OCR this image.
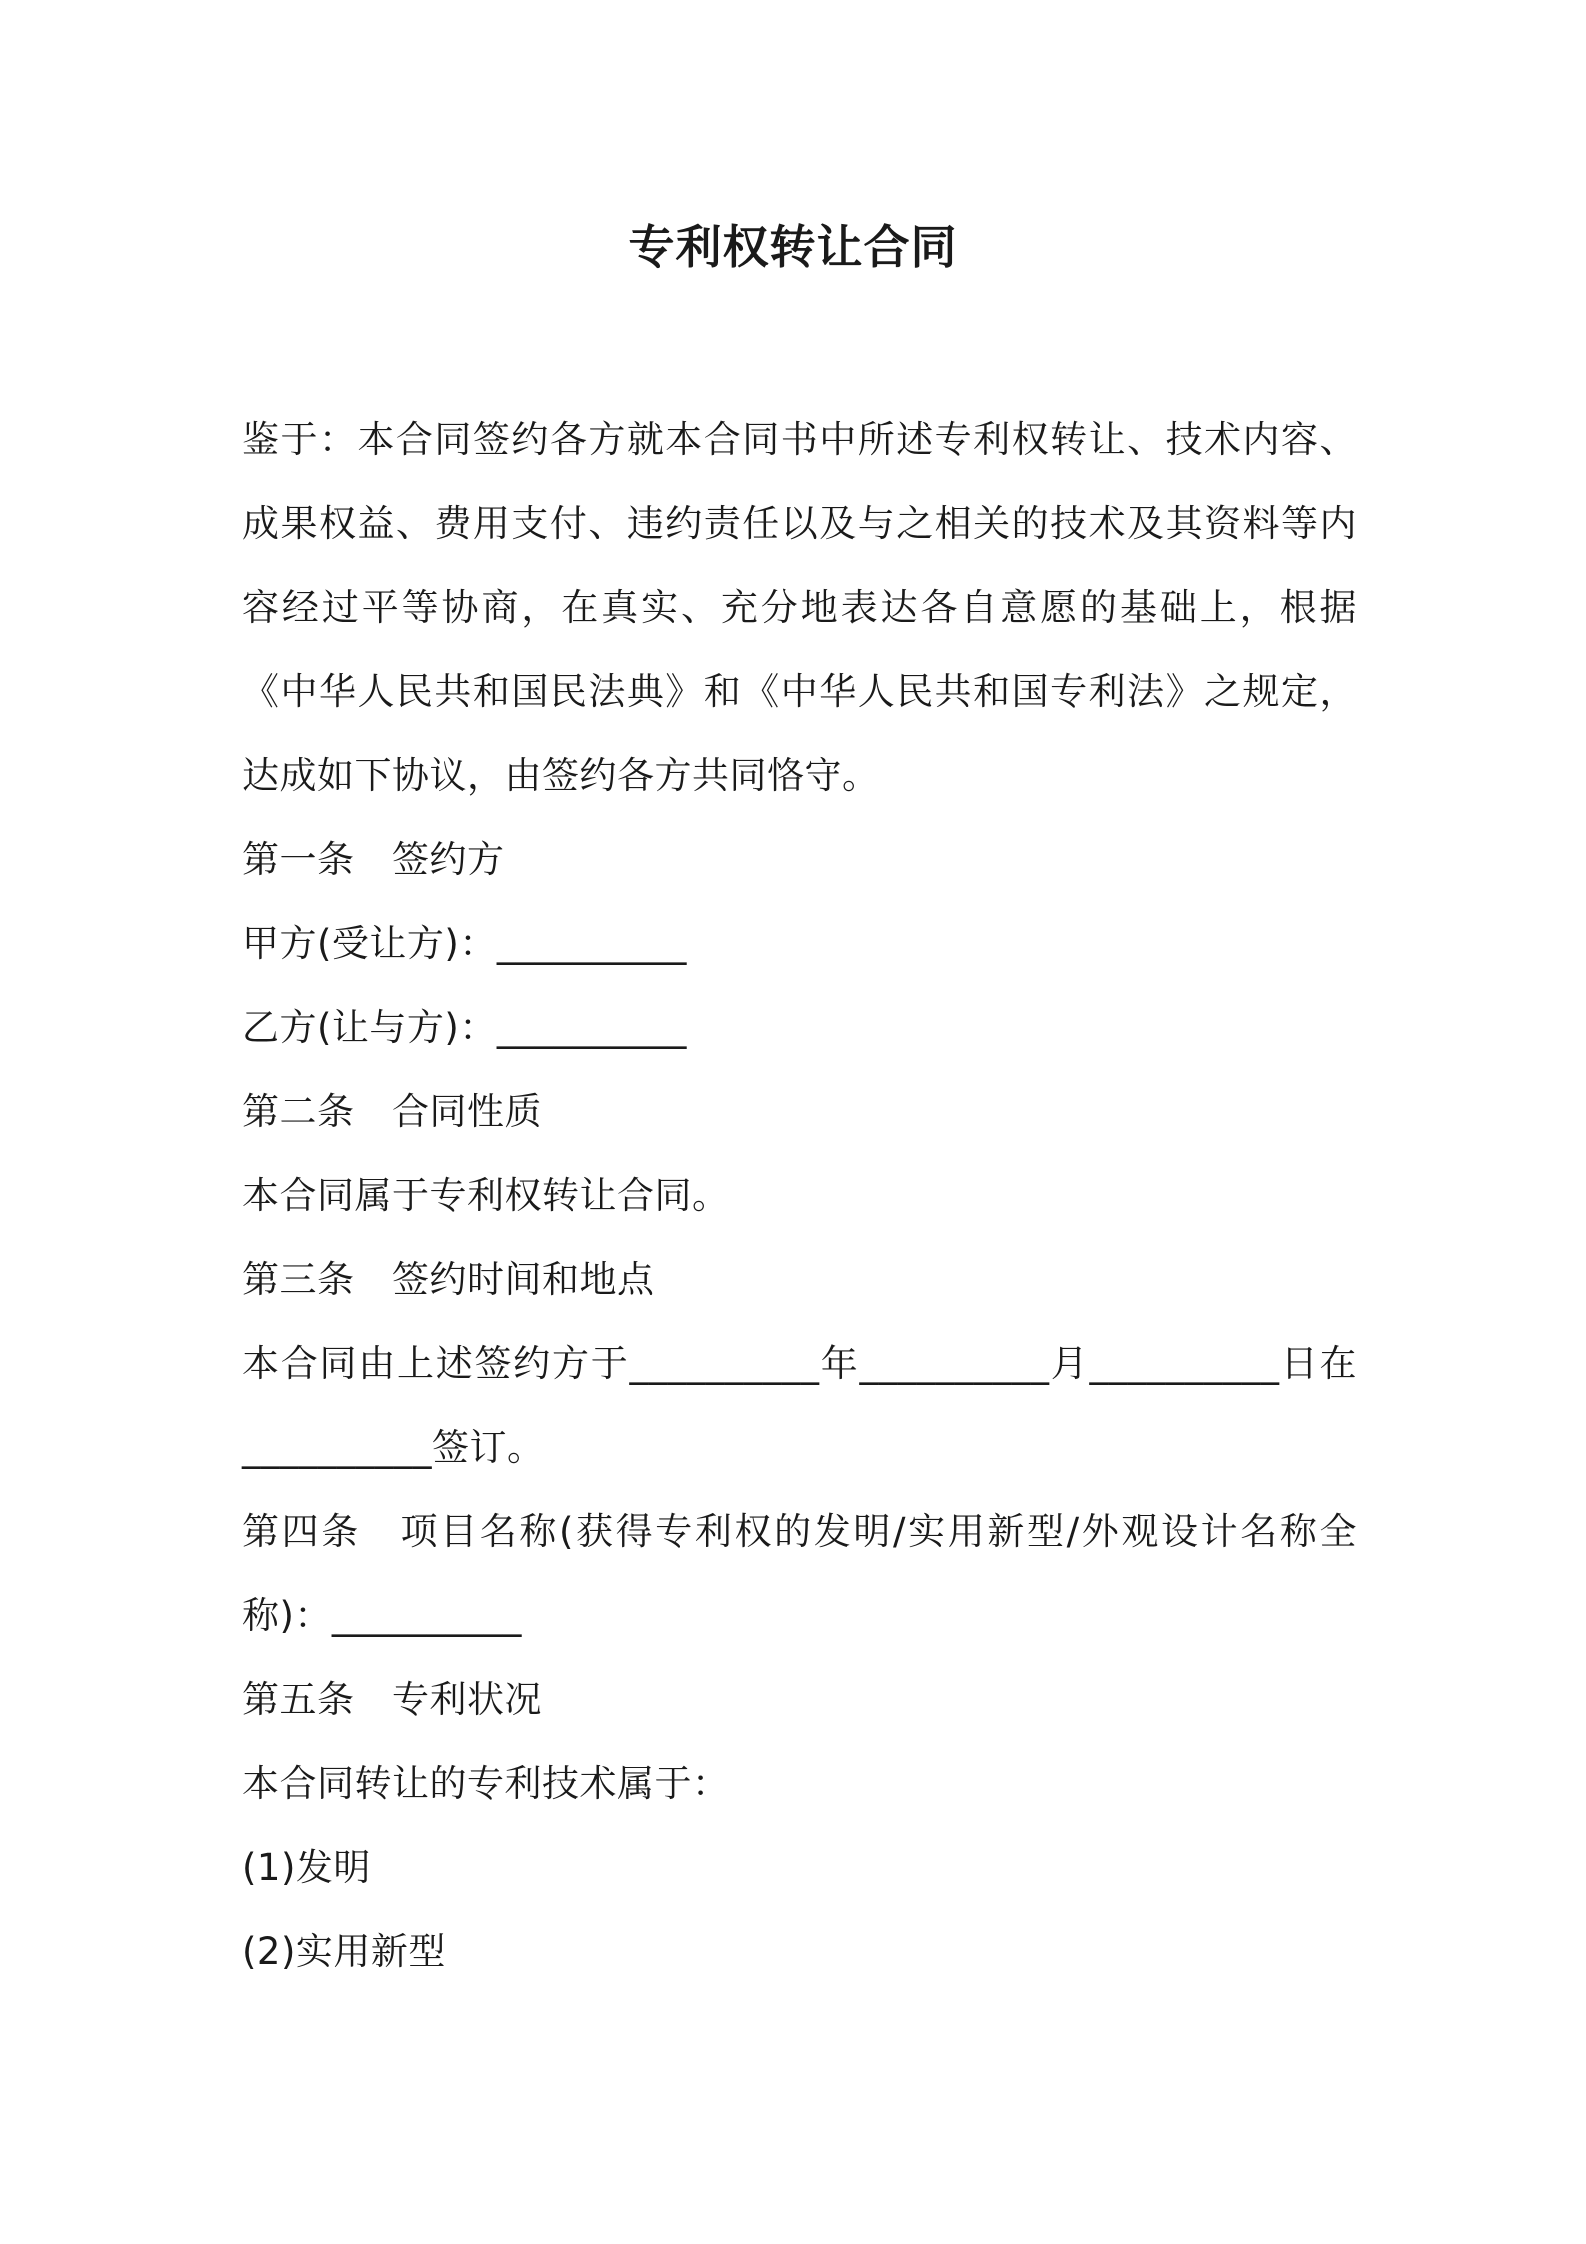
专利权转让合同

鉴于：本合同签约各方就本合同书中所述专利权转让、技术内容、成果权益、费用支付、违约责任以及与之相关的技术及其资料等内容经过平等协商，在真实、充分地表达各自意愿的基础上，根据《中华人民共和国民法典》和《中华人民共和国专利法》之规定，达成如下协议，由签约各方共同恪守。

第一条　签约方

甲方(受让方)：__________

乙方(让与方)：__________

第二条　合同性质

本合同属于专利权转让合同。

第三条　签约时间和地点

本合同由上述签约方于__________年__________月__________日在__________签订。

第四条　项目名称(获得专利权的发明/实用新型/外观设计名称全称)：__________

第五条　专利状况

本合同转让的专利技术属于：

(1)发明

(2)实用新型
